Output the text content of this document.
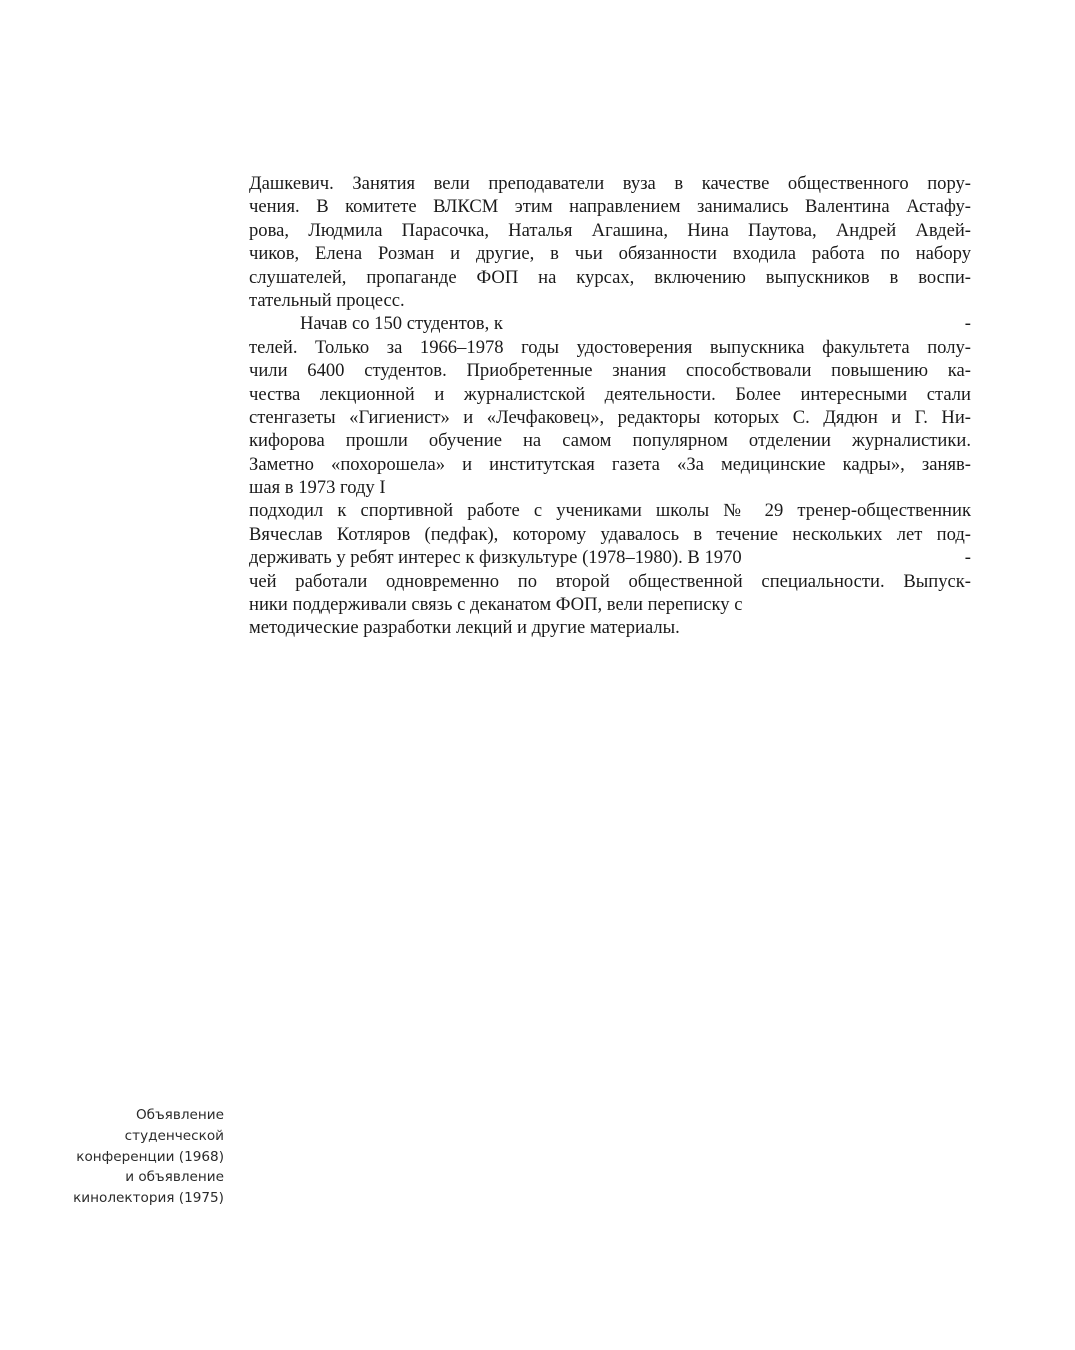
Дашкевич. Занятия вели преподаватели вуза в качестве общественного пору-
чения. В комитете ВЛКСМ этим направлением занимались Валентина Астафу-
рова, Людмила Парасочка, Наталья Агашина, Нина Паутова, Андрей Авдей-
чиков, Елена Розман и другие, в чьи обязанности входила работа по набору
слушателей, пропаганде ФОП на курсах, включению выпускников в воспи-
тательный процесс.
Начав со 150 студентов, к	-
телей. Только за 1966–1978 годы удостоверения выпускника факультета полу-
чили 6400 студентов. Приобретенные знания способствовали повышению ка-
чества лекционной и журналистской деятельности. Более интересными стали
стенгазеты «Гигиенист» и «Лечфаковец», редакторы которых С. Дядюн и Г. Ни-
кифорова прошли обучение на самом популярном отделении журналистики.
Заметно «похорошела» и институтская газета «За медицинские кадры», заняв-
шая в 1973 году I
подходил к спортивной работе с учениками школы № 29 тренер-общественник
Вячеслав Котляров (педфак), которому удавалось в течение нескольких лет под-
держивать у ребят интерес к физкультуре (1978–1980). В 1970	-
чей работали одновременно по второй общественной специальности. Выпуск-
ники поддерживали связь с деканатом ФОП, вели переписку с
методические разработки лекций и другие материалы.
Объявление
студенческой
конференции (1968)
и объявление
кинолектория (1975)
